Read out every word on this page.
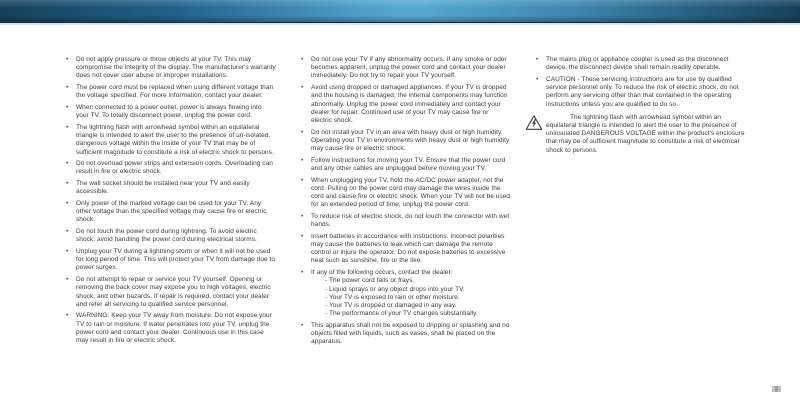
• Do not apply pressure or throw objects at your TV. This may compromise the integrity of the display. The manufacturer's warranty does not cover user abuse or improper installations.
• The power cord must be replaced when using different voltage than the voltage specified. For more information, contact your dealer.
• When connected to a power outlet, power is always flowing into your TV. To totally disconnect power, unplug the power cord.
• The lightning flash with arrowhead symbol within an equilateral triangle is intended to alert the user to the presence of un-isolated, dangerous voltage within the inside of your TV that may be of sufficient magnitude to constitute a risk of electric shock to persons.
• Do not overload power strips and extension cords. Overloading can result in fire or electric shock.
• The wall socket should be installed near your TV and easily accessible.
• Only power of the marked voltage can be used for your TV. Any other voltage than the specified voltage may cause fire or electric shock.
• Do not touch the power cord during lightning. To avoid electric shock, avoid handling the power cord during electrical storms.
• Unplug your TV during a lightning storm or when it will not be used for long period of time. This will protect your TV from damage due to power surges.
• Do not attempt to repair or service your TV yourself. Opening or removing the back cover may expose you to high voltages, electric shock, and other hazards. If repair is required, contact your dealer and refer all servicing to qualified service personnel.
• WARNING: Keep your TV away from moisture. Do not expose your TV to rain or moisture. If water penetrates into your TV, unplug the power cord and contact your dealer. Continuous use in this case may result in fire or electric shock.
• Do not use your TV if any abnormality occurs. If any smoke or odor becomes apparent, unplug the power cord and contact your dealer immediately. Do not try to repair your TV yourself.
• Avoid using dropped or damaged appliances. If your TV is dropped and the housing is damaged, the internal components may function abnormally. Unplug the power cord immediately and contact your dealer for repair. Continued use of your TV may cause fire or electric shock.
• Do not install your TV in an area with heavy dust or high humidity. Operating your TV in environments with heavy dust or high humidity may cause fire or electric shock.
• Follow instructions for moving your TV. Ensure that the power cord and any other cables are unplugged before moving your TV.
• When unplugging your TV, hold the AC/DC power adapter, not the cord. Pulling on the power cord may damage the wires inside the cord and cause fire or electric shock. When your TV will not be used for an extended period of time, unplug the power cord.
• To reduce risk of electric shock, do not touch the connector with wet hands.
• Insert batteries in accordance with instructions. Incorrect polarities may cause the batteries to leak which can damage the remote control or injure the operator. Do not expose batteries to excessive heat such as sunshine, fire or the like.
• If any of the following occurs, contact the dealer:
- The power cord fails or frays.
- Liquid sprays or any object drops into your TV.
- Your TV is exposed to rain or other moisture.
- Your TV is dropped or damaged in any way.
- The performance of your TV changes substantially.
• This apparatus shall not be exposed to dripping or splashing and no objects filled with liquids, such as vases, shall be placed on the apparatus.
• The mains plug or appliance coupler is used as the disconnect device, the disconnect device shall remain readily operable.
• CAUTION - These servicing instructions are for use by qualified service personnel only. To reduce the risk of electric shock, do not perform any servicing other than that contained in the operating instructions unless you are qualified to do so.

The lightning flash with arrowhead symbol within an equilateral triangle is intended to alert the user to the presence of uninsulated DANGEROUS VOLTAGE within the product's enclosure that may be of sufficient magnitude to constitute a risk of electrical shock to persons.
